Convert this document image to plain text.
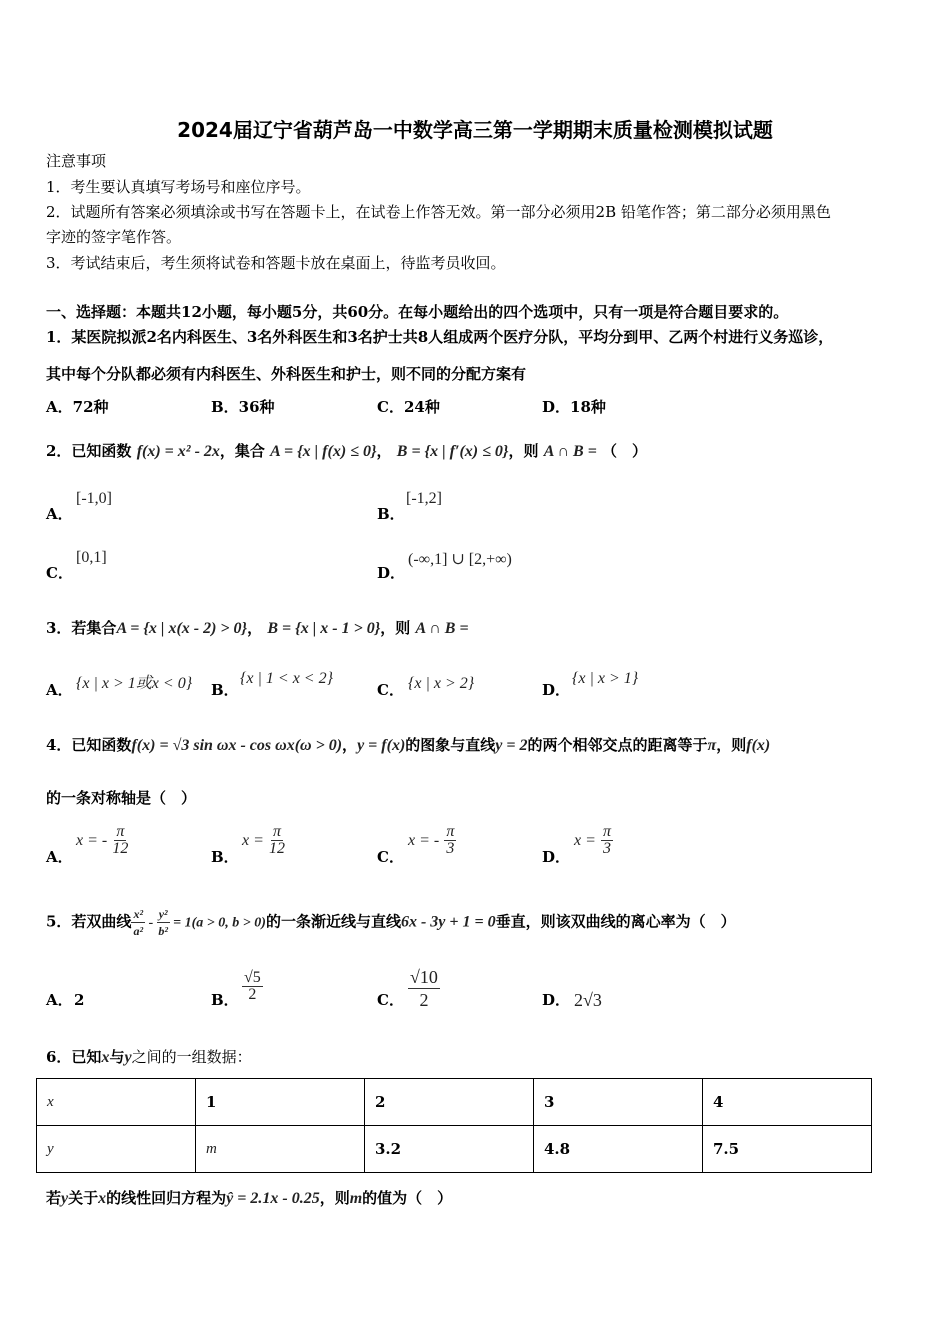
2024届辽宁省葫芦岛一中数学高三第一学期期末质量检测模拟试题
注意事项
1．考生要认真填写考场号和座位序号。
2．试题所有答案必须填涂或书写在答题卡上，在试卷上作答无效。第一部分必须用2B 铅笔作答；第二部分必须用黑色
字迹的签字笔作答。
3．考试结束后，考生须将试卷和答题卡放在桌面上，待监考员收回。
一、选择题：本题共12小题，每小题5分，共60分。在每小题给出的四个选项中，只有一项是符合题目要求的。
1．某医院拟派2名内科医生、3名外科医生和3名护士共8人组成两个医疗分队，平均分到甲、乙两个村进行义务巡诊，
其中每个分队都必须有内科医生、外科医生和护士，则不同的分配方案有
A．72种	B．36种	C．24种	D．18种
2．已知函数 f(x) = x² - 2x，集合 A = {x | f(x) ≤ 0}， B = {x | f′(x) ≤ 0}，则 A ∩ B = （　）
A．
[-1,0]
B．
[-1,2]
C．
[0,1]
D．
(-∞,1] ∪ [2,+∞)
3．若集合A = {x | x(x - 2) > 0}， B = {x | x - 1 > 0}，则 A ∩ B =
A． {x | x > 1或x < 0} B．
{x | 1 < x < 2}
C． {x | x > 2}	D．
{x | x > 1}
4．已知函数f(x) = √3 sin ωx - cos ωx(ω > 0)，y = f(x)的图象与直线y = 2的两个相邻交点的距离等于π，则f(x)
的一条对称轴是（　）
A．
x = - $\frac{\pi}{12}$	B．
$x = \frac{\pi}{12}$	C．
x = - $\frac{\pi}{3}$	D．
$x = \frac{\pi}{3}$
5．若双曲线 $\frac{\text{x²}}{\text{a²}} - \frac{\text{y²}}{\text{b²}} = 1(a > 0$, b > 0)的一条渐近线与直线6x - 3y + 1 = 0垂直，则该双曲线的离心率为（　）
A． 2	B． $\frac{√5}{2}$	C． $\frac{√10}{2}$	D． 2√3
6．已知x与y之间的一组数据：
x	1	2	3	4
y	m	3.2	4.8	7.5
若y关于x的线性回归方程为ŷ = 2.1x - 0.25，则m的值为（　）
